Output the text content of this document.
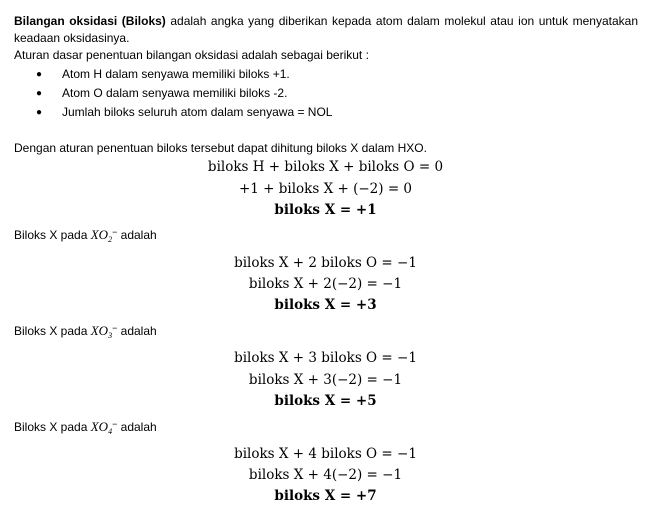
Bilangan oksidasi (Biloks) adalah angka yang diberikan kepada atom dalam molekul atau ion untuk menyatakan keadaan oksidasinya.
Aturan dasar penentuan bilangan oksidasi adalah sebagai berikut :
● Atom H dalam senyawa memiliki biloks +1.
● Atom O dalam senyawa memiliki biloks -2.
● Jumlah biloks seluruh atom dalam senyawa = NOL
Dengan aturan penentuan biloks tersebut dapat dihitung biloks X dalam HXO.
biloks H + biloks X + biloks O = 0
+1 + biloks X + (−2) = 0
biloks X = +1
Biloks X pada $XO_2^-$ adalah
biloks X + 2 biloks O = −1
biloks X + 2(−2) = −1
biloks X = +3
Biloks X pada $XO_3^-$ adalah
biloks X + 3 biloks O = −1
biloks X + 3(−2) = −1
biloks X = +5
Biloks X pada $XO_4^-$ adalah
biloks X + 4 biloks O = −1
biloks X + 4(−2) = −1
biloks X = +7
